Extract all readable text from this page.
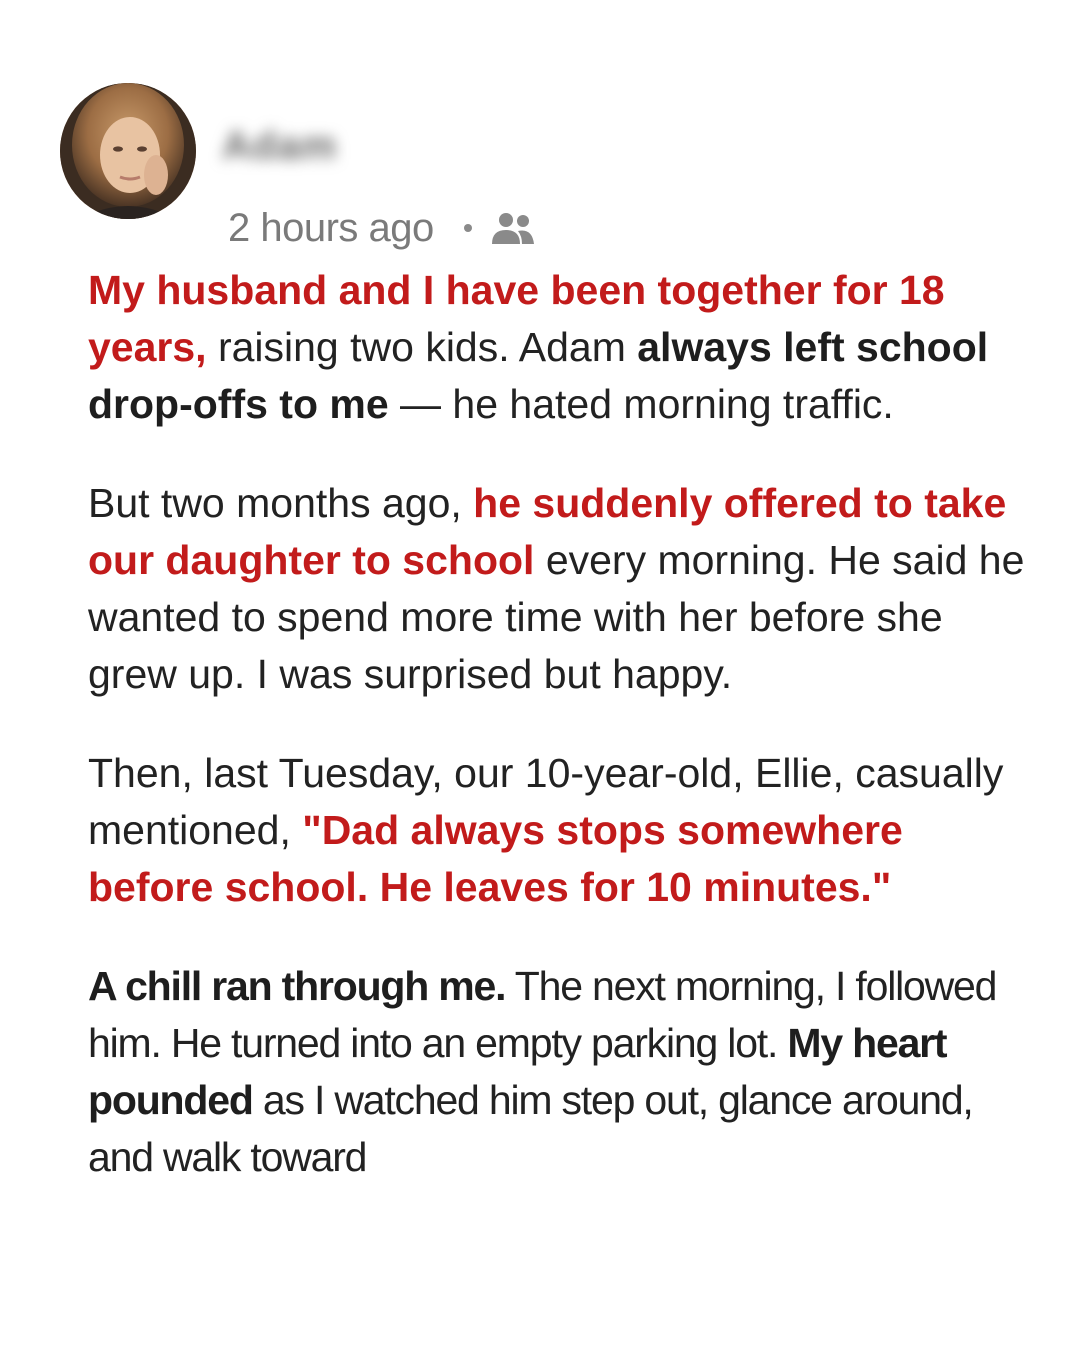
Adam
2 hours ago

My husband and I have been together for 18 years, raising two kids. Adam always left school drop-offs to me — he hated morning traffic.

But two months ago, he suddenly offered to take our daughter to school every morning. He said he wanted to spend more time with her before she grew up. I was surprised but happy.

Then, last Tuesday, our 10-year-old, Ellie, casually mentioned, "Dad always stops somewhere before school. He leaves for 10 minutes."

A chill ran through me. The next morning, I followed him. He turned into an empty parking lot. My heart pounded as I watched him step out, glance around, and walk toward
